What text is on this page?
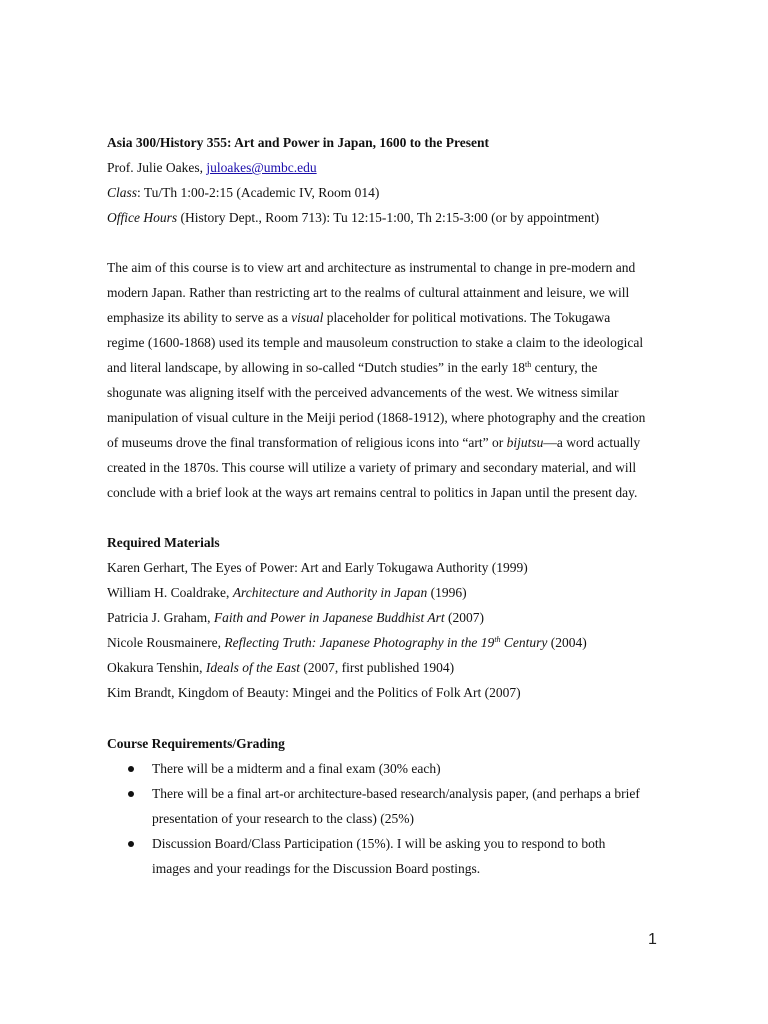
Asia 300/History 355: Art and Power in Japan, 1600 to the Present
Prof. Julie Oakes, juloakes@umbc.edu
Class: Tu/Th 1:00-2:15 (Academic IV, Room 014)
Office Hours (History Dept., Room 713): Tu 12:15-1:00, Th 2:15-3:00 (or by appointment)
The aim of this course is to view art and architecture as instrumental to change in pre-modern and
modern Japan. Rather than restricting art to the realms of cultural attainment and leisure, we will
emphasize its ability to serve as a visual placeholder for political motivations. The Tokugawa
regime (1600-1868) used its temple and mausoleum construction to stake a claim to the ideological
and literal landscape, by allowing in so-called “Dutch studies” in the early 18th century, the
shogunate was aligning itself with the perceived advancements of the west. We witness similar
manipulation of visual culture in the Meiji period (1868-1912), where photography and the creation
of museums drove the final transformation of religious icons into “art” or bijutsu—a word actually
created in the 1870s. This course will utilize a variety of primary and secondary material, and will
conclude with a brief look at the ways art remains central to politics in Japan until the present day.
Required Materials
Karen Gerhart, The Eyes of Power: Art and Early Tokugawa Authority (1999)
William H. Coaldrake, Architecture and Authority in Japan (1996)
Patricia J. Graham, Faith and Power in Japanese Buddhist Art (2007)
Nicole Rousmainere, Reflecting Truth: Japanese Photography in the 19th Century (2004)
Okakura Tenshin, Ideals of the East (2007, first published 1904)
Kim Brandt, Kingdom of Beauty: Mingei and the Politics of Folk Art (2007)
Course Requirements/Grading
There will be a midterm and a final exam (30% each)
There will be a final art-or architecture-based research/analysis paper, (and perhaps a brief
presentation of your research to the class) (25%)
Discussion Board/Class Participation (15%). I will be asking you to respond to both
images and your readings for the Discussion Board postings.
1
